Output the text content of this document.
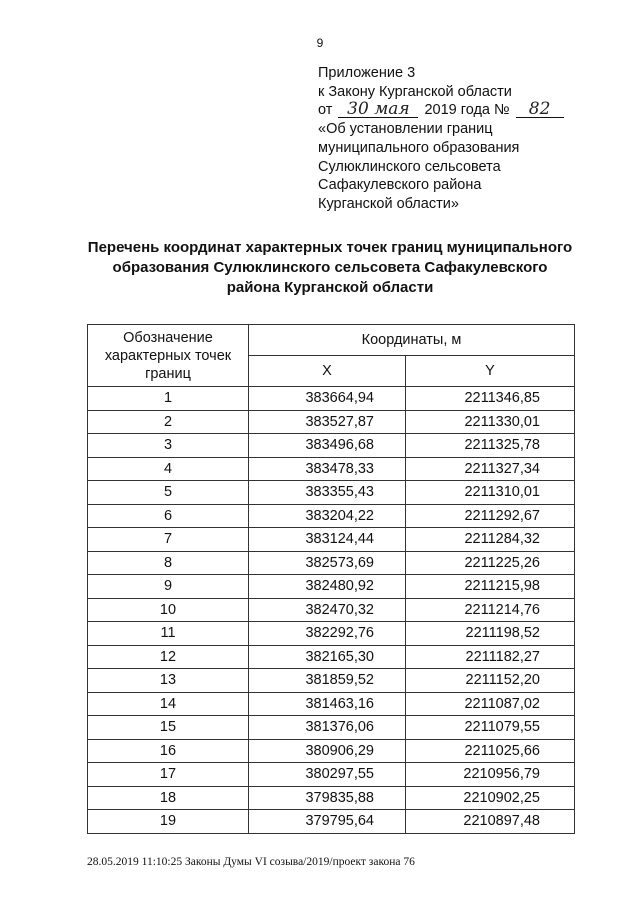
9
Приложение 3
к Закону Курганской области
от 30 мая 2019 года № 82
«Об установлении границ
муниципального образования
Сулюклинского сельсовета
Сафакулевского района
Курганской области»
Перечень координат характерных точек границ муниципального
образования Сулюклинского сельсовета Сафакулевского
района Курганской области
Обозначение характерных точек границ	Координаты, м	
	X	Y
1	383664,94	2211346,85
2	383527,87	2211330,01
3	383496,68	2211325,78
4	383478,33	2211327,34
5	383355,43	2211310,01
6	383204,22	2211292,67
7	383124,44	2211284,32
8	382573,69	2211225,26
9	382480,92	2211215,98
10	382470,32	2211214,76
11	382292,76	2211198,52
12	382165,30	2211182,27
13	381859,52	2211152,20
14	381463,16	2211087,02
15	381376,06	2211079,55
16	380906,29	2211025,66
17	380297,55	2210956,79
18	379835,88	2210902,25
19	379795,64	2210897,48
28.05.2019 11:10:25 Законы Думы VI созыва/2019/проект закона 76
